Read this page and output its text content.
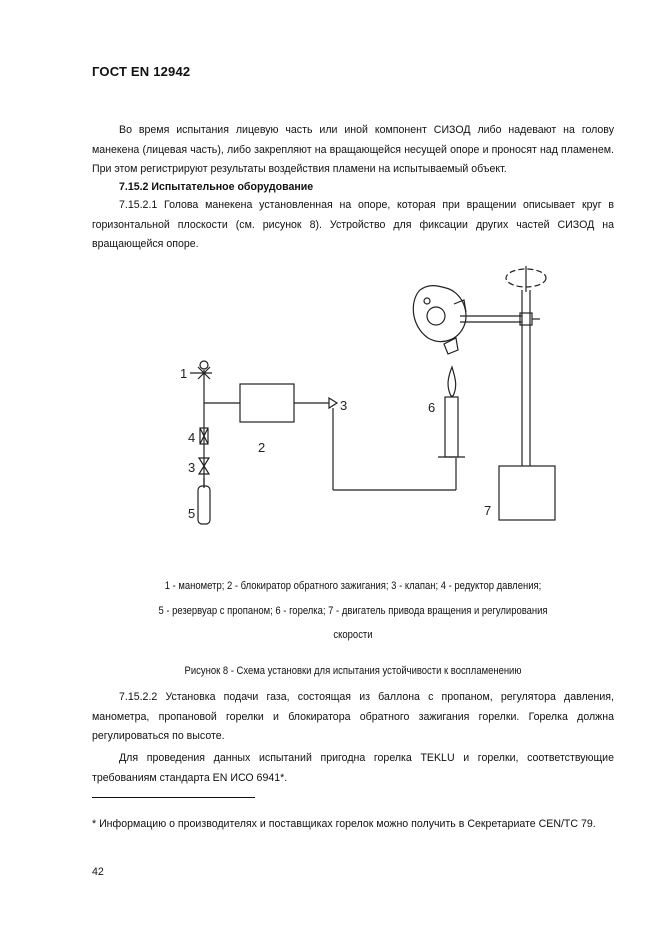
ГОСТ EN 12942
Во время испытания лицевую часть или иной компонент СИЗОД либо надевают на голову манекена (лицевая часть), либо закрепляют на вращающейся несущей опоре и проносят над пламенем. При этом регистрируют результаты воздействия пламени на испытываемый объект.
7.15.2 Испытательное оборудование
7.15.2.1 Голова манекена установленная на опоре, которая при вращении описывает круг в горизонтальной плоскости (см. рисунок 8). Устройство для фиксации других частей СИЗОД на вращающейся опоре.
1
2
3
4
3
5
6
7
1 - манометр; 2 - блокиратор обратного зажигания; 3 - клапан; 4 - редуктор давления;
5 - резервуар с пропаном; 6 - горелка; 7 - двигатель привода вращения и регулирования
скорости
Рисунок 8 - Схема установки для испытания устойчивости к воспламенению
7.15.2.2 Установка подачи газа, состоящая из баллона с пропаном, регулятора давления, манометра, пропановой горелки и блокиратора обратного зажигания горелки. Горелка должна регулироваться по высоте.
Для проведения данных испытаний пригодна горелка TEKLU и горелки, соответствующие требованиям стандарта EN ИСО 6941*.
* Информацию о производителях и поставщиках горелок можно получить в Секретариате CEN/TC 79.
42
